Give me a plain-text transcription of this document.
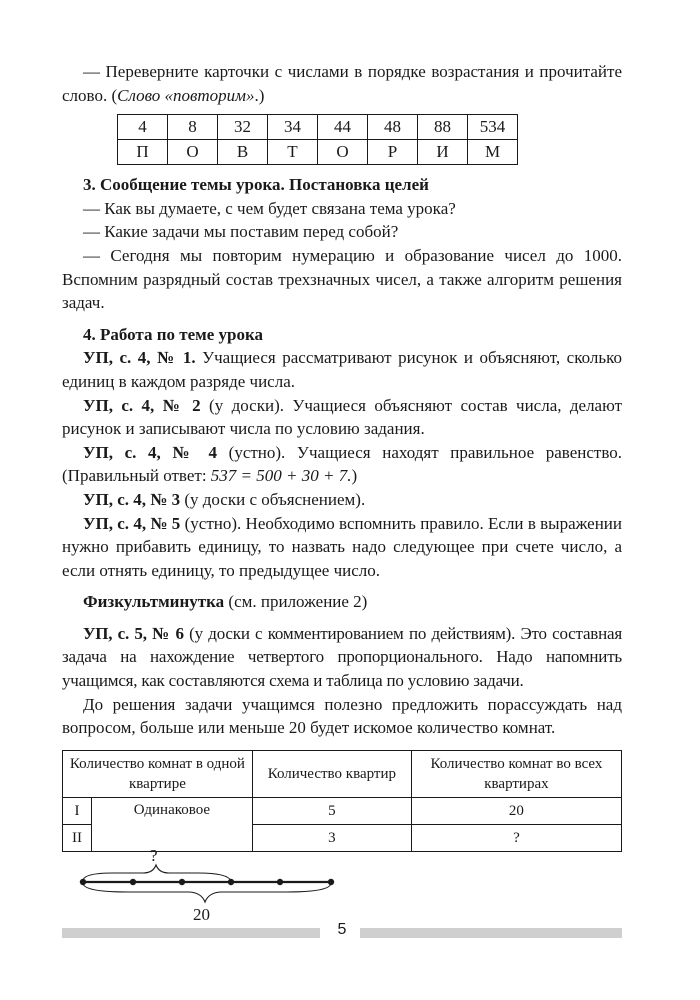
— Переверните карточки с числами в порядке возрастания и прочитайте слово. (Слово «повторим».)

4	8	32	34	44	48	88	534
П	О	В	Т	О	Р	И	М

3. Сообщение темы урока. Постановка целей

— Как вы думаете, с чем будет связана тема урока?

— Какие задачи мы поставим перед собой?

— Сегодня мы повторим нумерацию и образование чисел до 1000. Вспомним разрядный состав трехзначных чисел, а также алгоритм решения задач.

4. Работа по теме урока

УП, с. 4, № 1. Учащиеся рассматривают рисунок и объясняют, сколько единиц в каждом разряде числа.

УП, с. 4, № 2 (у доски). Учащиеся объясняют состав числа, делают рисунок и записывают числа по условию задания.

УП, с. 4, № 4 (устно). Учащиеся находят правильное равенство. (Правильный ответ: 537 = 500 + 30 + 7.)

УП, с. 4, № 3 (у доски с объяснением).

УП, с. 4, № 5 (устно). Необходимо вспомнить правило. Если в выражении нужно прибавить единицу, то назвать надо следующее при счете число, а если отнять единицу, то предыдущее число.

Физкультминутка (см. приложение 2)

УП, с. 5, № 6 (у доски с комментированием по действиям). Это составная задача на нахождение четвертого пропорционального. Надо напомнить учащимся, как составляются схема и таблица по условию задачи.

До решения задачи учащимся полезно предложить порассуждать над вопросом, больше или меньше 20 будет искомое количество комнат.

Количество комнат в одной квартире		Количество квартир	Количество комнат во всех квартирах
I	Одинаковое	5	20
II		3	?
?
20
5
